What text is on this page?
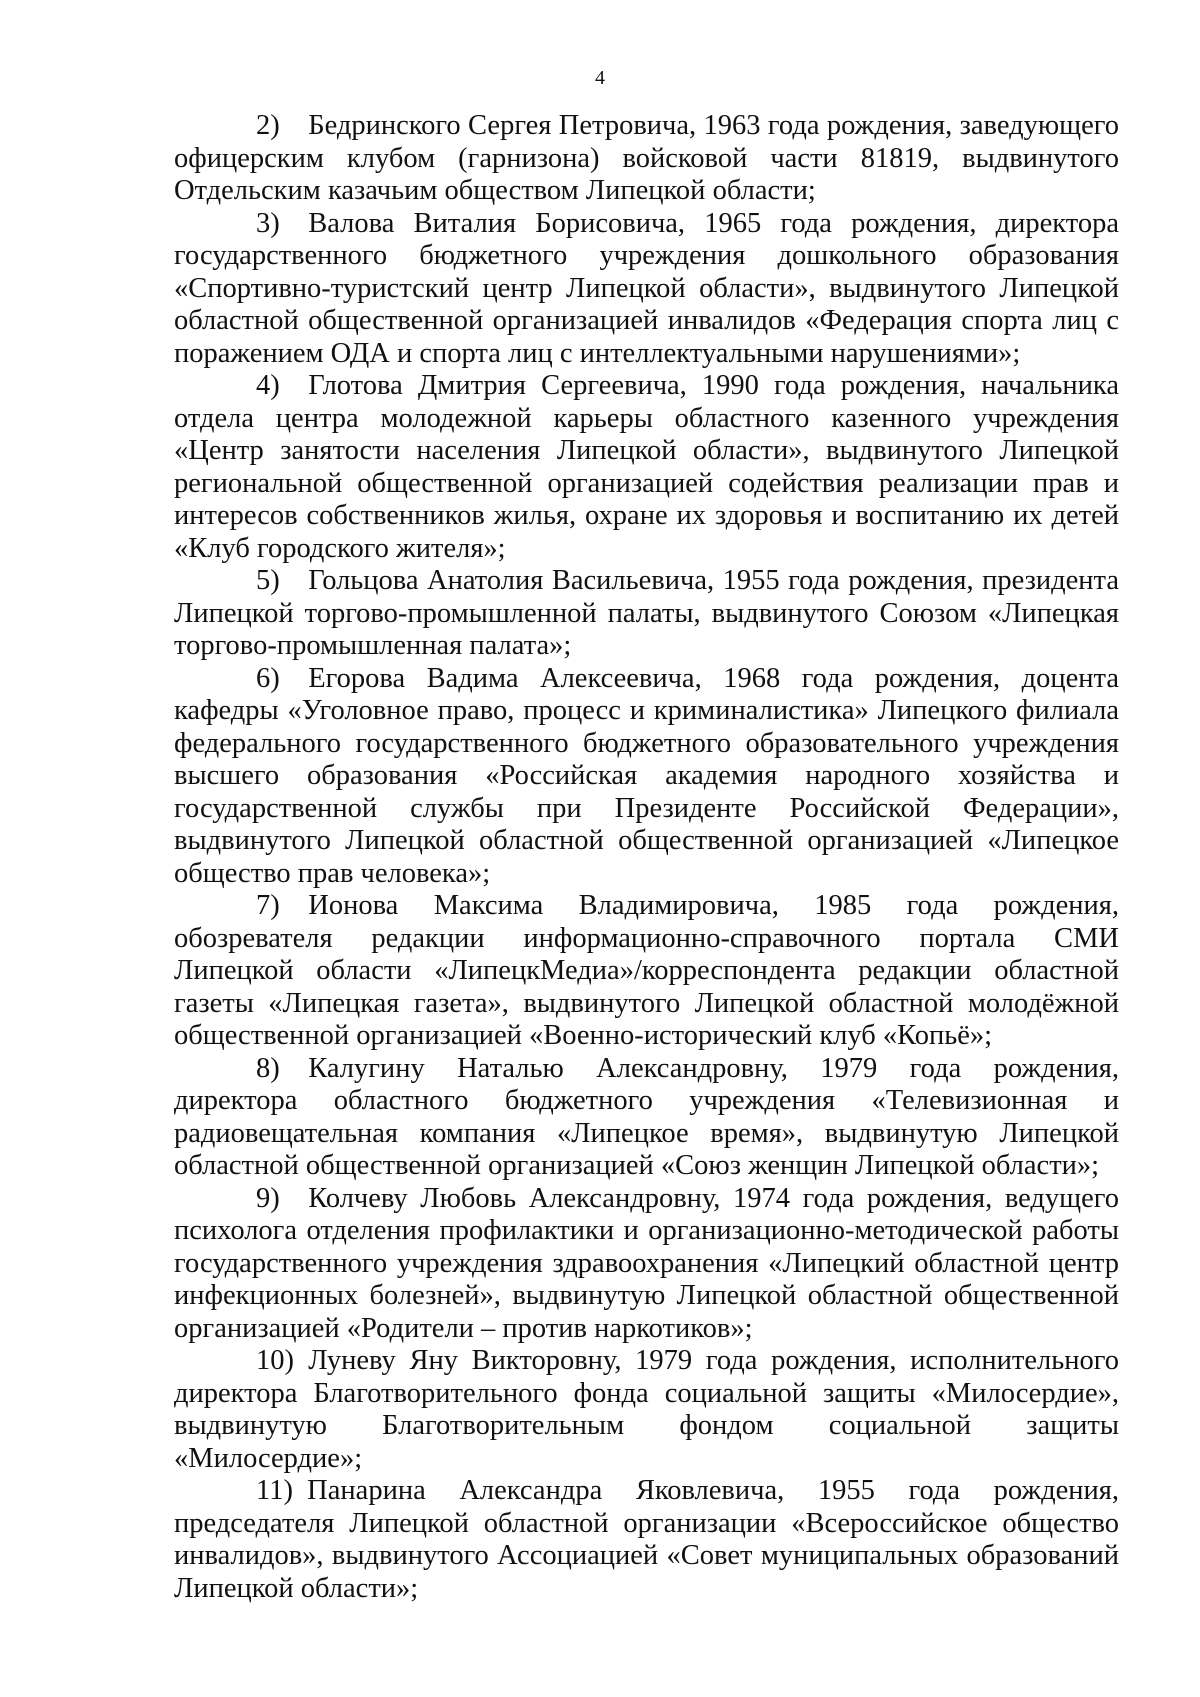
4

2) Бедринского Сергея Петровича, 1963 года рождения, заведующего офицерским клубом (гарнизона) войсковой части 81819, выдвинутого Отдельским казачьим обществом Липецкой области;

3) Валова Виталия Борисовича, 1965 года рождения, директора государственного бюджетного учреждения дошкольного образования «Спортивно-туристский центр Липецкой области», выдвинутого Липецкой областной общественной организацией инвалидов «Федерация спорта лиц с поражением ОДА и спорта лиц с интеллектуальными нарушениями»;

4) Глотова Дмитрия Сергеевича, 1990 года рождения, начальника отдела центра молодежной карьеры областного казенного учреждения «Центр занятости населения Липецкой области», выдвинутого Липецкой региональной общественной организацией содействия реализации прав и интересов собственников жилья, охране их здоровья и воспитанию их детей «Клуб городского жителя»;

5) Гольцова Анатолия Васильевича, 1955 года рождения, президента Липецкой торгово-промышленной палаты, выдвинутого Союзом «Липецкая торгово-промышленная палата»;

6) Егорова Вадима Алексеевича, 1968 года рождения, доцента кафедры «Уголовное право, процесс и криминалистика» Липецкого филиала федерального государственного бюджетного образовательного учреждения высшего образования «Российская академия народного хозяйства и государственной службы при Президенте Российской Федерации», выдвинутого Липецкой областной общественной организацией «Липецкое общество прав человека»;

7) Ионова Максима Владимировича, 1985 года рождения, обозревателя редакции информационно-справочного портала СМИ Липецкой области «ЛипецкМедиа»/корреспондента редакции областной газеты «Липецкая газета», выдвинутого Липецкой областной молодёжной общественной организацией «Военно-исторический клуб «Копьё»;

8) Калугину Наталью Александровну, 1979 года рождения, директора областного бюджетного учреждения «Телевизионная и радиовещательная компания «Липецкое время», выдвинутую Липецкой областной общественной организацией «Союз женщин Липецкой области»;

9) Колчеву Любовь Александровну, 1974 года рождения, ведущего психолога отделения профилактики и организационно-методической работы государственного учреждения здравоохранения «Липецкий областной центр инфекционных болезней», выдвинутую Липецкой областной общественной организацией «Родители – против наркотиков»;

10) Луневу Яну Викторовну, 1979 года рождения, исполнительного директора Благотворительного фонда социальной защиты «Милосердие», выдвинутую Благотворительным фондом социальной защиты «Милосердие»;

11) Панарина Александра Яковлевича, 1955 года рождения, председателя Липецкой областной организации «Всероссийское общество инвалидов», выдвинутого Ассоциацией «Совет муниципальных образований Липецкой области»;
